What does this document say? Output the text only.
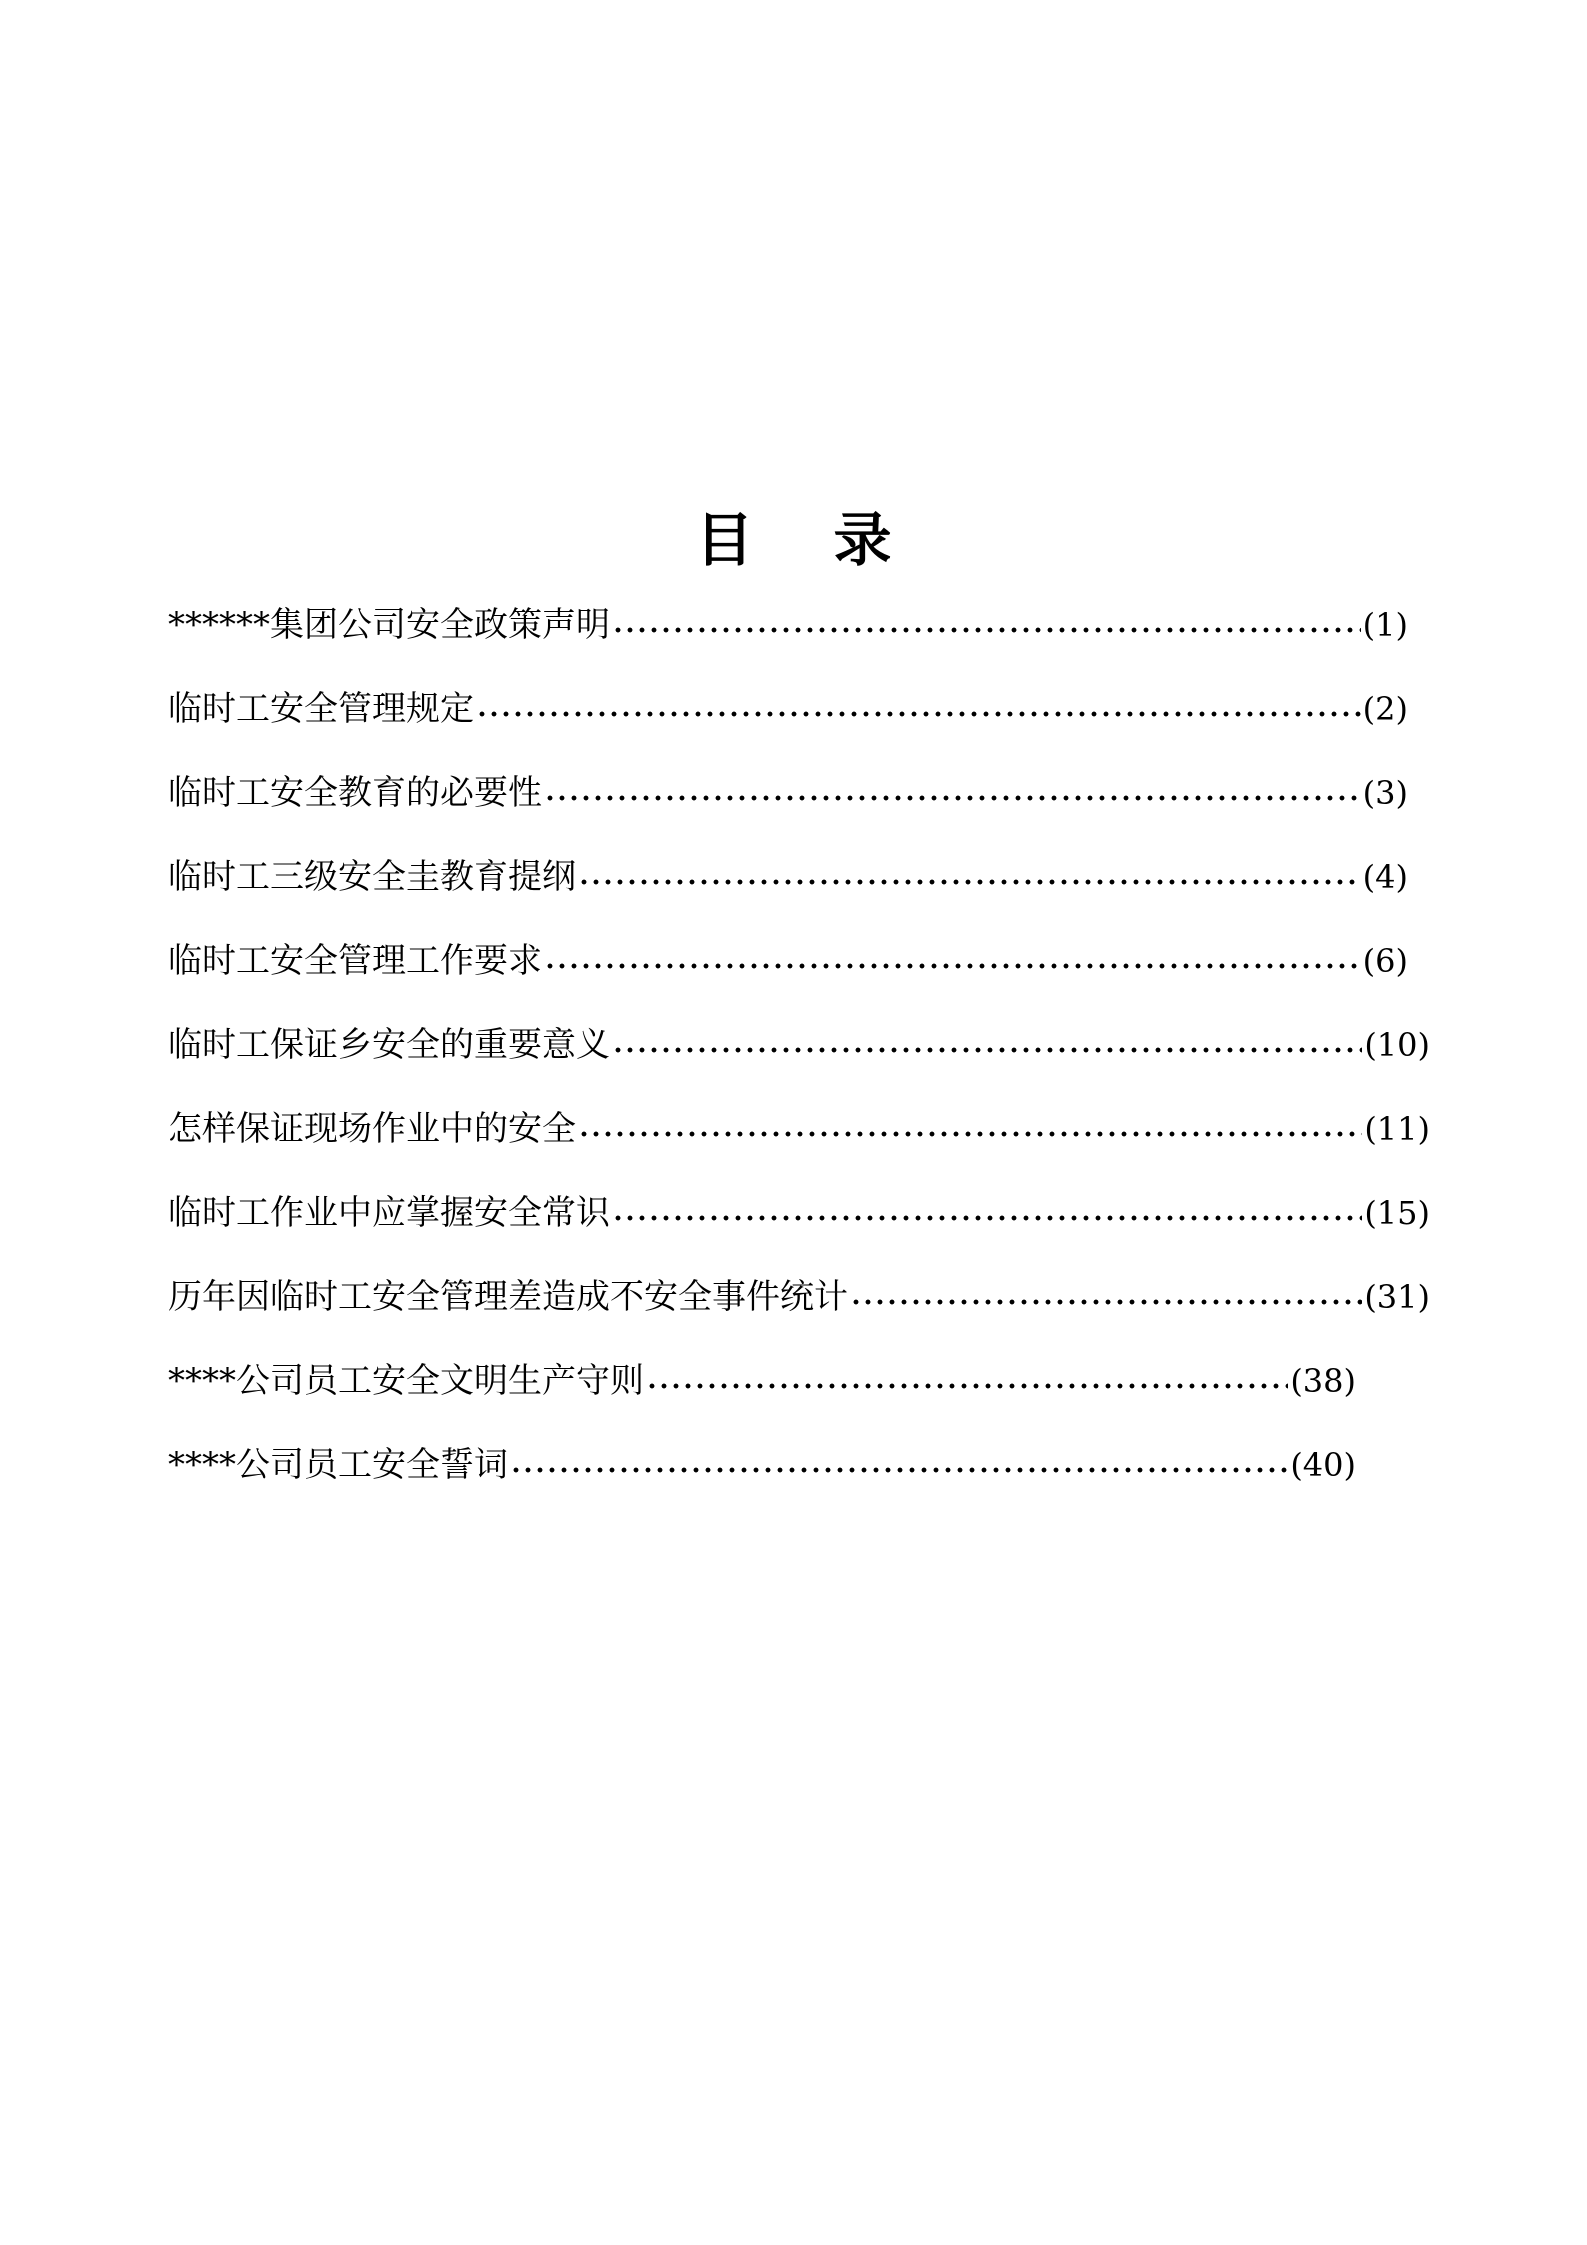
目 录
******集团公司安全政策声明	(1)
临时工安全管理规定	(2)
临时工安全教育的必要性	(3)
临时工三级安全圭教育提纲	(4)
临时工安全管理工作要求	(6)
临时工保证乡安全的重要意义	(10)
怎样保证现场作业中的安全	(11)
临时工作业中应掌握安全常识	(15)
历年因临时工安全管理差造成不安全事件统计	(31)
****公司员工安全文明生产守则	(38)
****公司员工安全誓词	(40)
